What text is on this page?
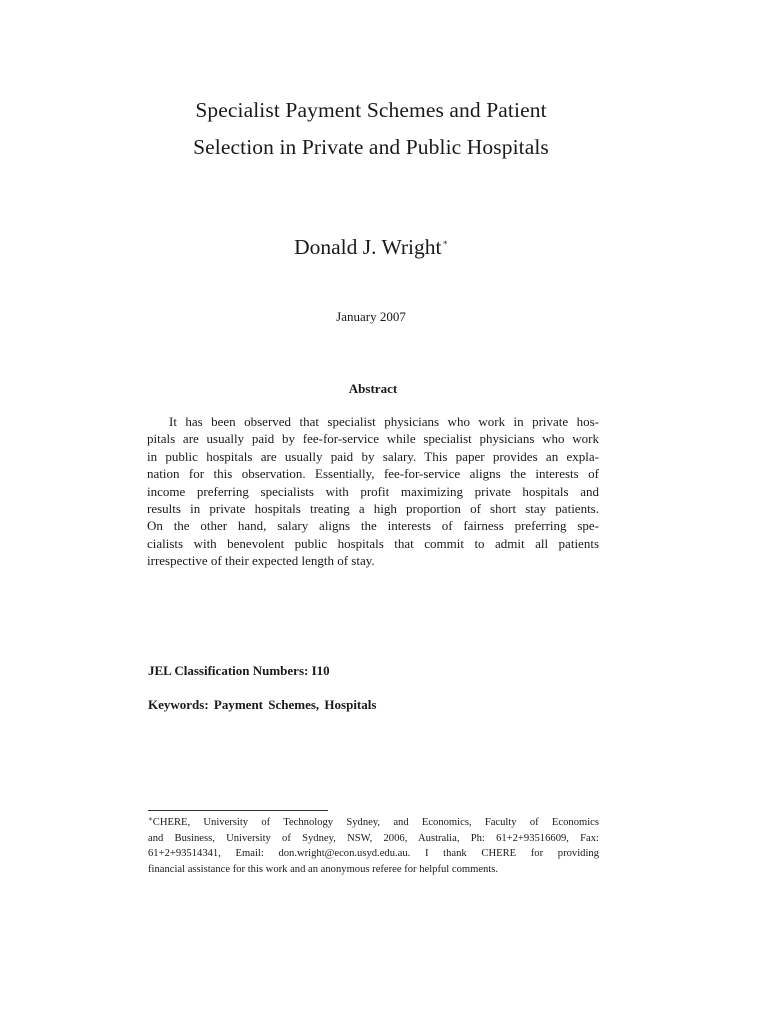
Specialist Payment Schemes and Patient
Selection in Private and Public Hospitals
Donald J. Wright∗
January 2007
Abstract
It has been observed that specialist physicians who work in private hos-
pitals are usually paid by fee-for-service while specialist physicians who work
in public hospitals are usually paid by salary. This paper provides an expla-
nation for this observation. Essentially, fee-for-service aligns the interests of
income preferring specialists with profit maximizing private hospitals and
results in private hospitals treating a high proportion of short stay patients.
On the other hand, salary aligns the interests of fairness preferring spe-
cialists with benevolent public hospitals that commit to admit all patients
irrespective of their expected length of stay.
JEL Classification Numbers: I10
Keywords: Payment Schemes, Hospitals
∗CHERE, University of Technology Sydney, and Economics, Faculty of Economics
and Business, University of Sydney, NSW, 2006, Australia, Ph: 61+2+93516609, Fax:
61+2+93514341, Email: don.wright@econ.usyd.edu.au. I thank CHERE for providing
financial assistance for this work and an anonymous referee for helpful comments.
